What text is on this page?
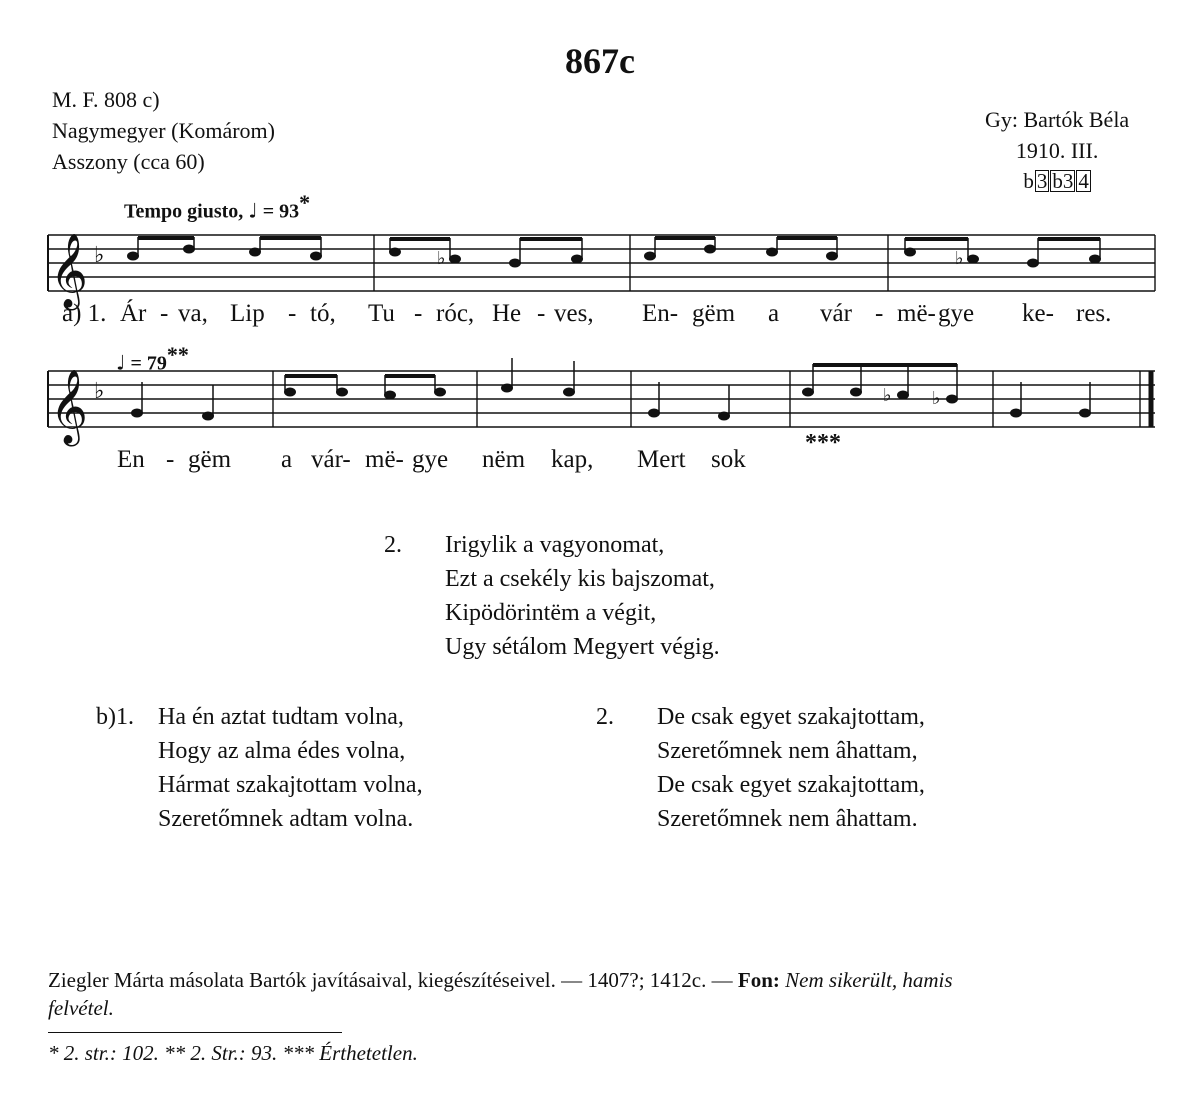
867c
M. F. 808 c)
Nagymegyer (Komárom)
Asszony (cca 60)
Gy: Bartók Béla
1910. III.
b 3 b3 4
Tempo giusto, ♩ = 93*
𝄞 ♭	♭	♭
a) 1. Ár - va, Lip - tó, Tu - róc, He - ves, En- gëm a vár - më- gye ke- res.
♩ = 79**
𝄞 ♭	♭ ♭
En - gëm a vár- më- gye nëm kap, Mert sok
***
2. Irigylik a vagyonomat,
Ezt a csekély kis bajszomat,
Kipödörintëm a végit,
Ugy sétálom Megyert végig.
b)1. Ha én aztat tudtam volna,
Hogy az alma édes volna,
Hármat szakajtottam volna,
Szeretőmnek adtam volna.
2. De csak egyet szakajtottam,
Szeretőmnek nem âhattam,
De csak egyet szakajtottam,
Szeretőmnek nem âhattam.
Ziegler Márta másolata Bartók javításaival, kiegészítéseivel. — 1407?; 1412c. — Fon: Nem sikerült, hamis
felvétel.
* 2. str.: 102. ** 2. Str.: 93. *** Érthetetlen.
